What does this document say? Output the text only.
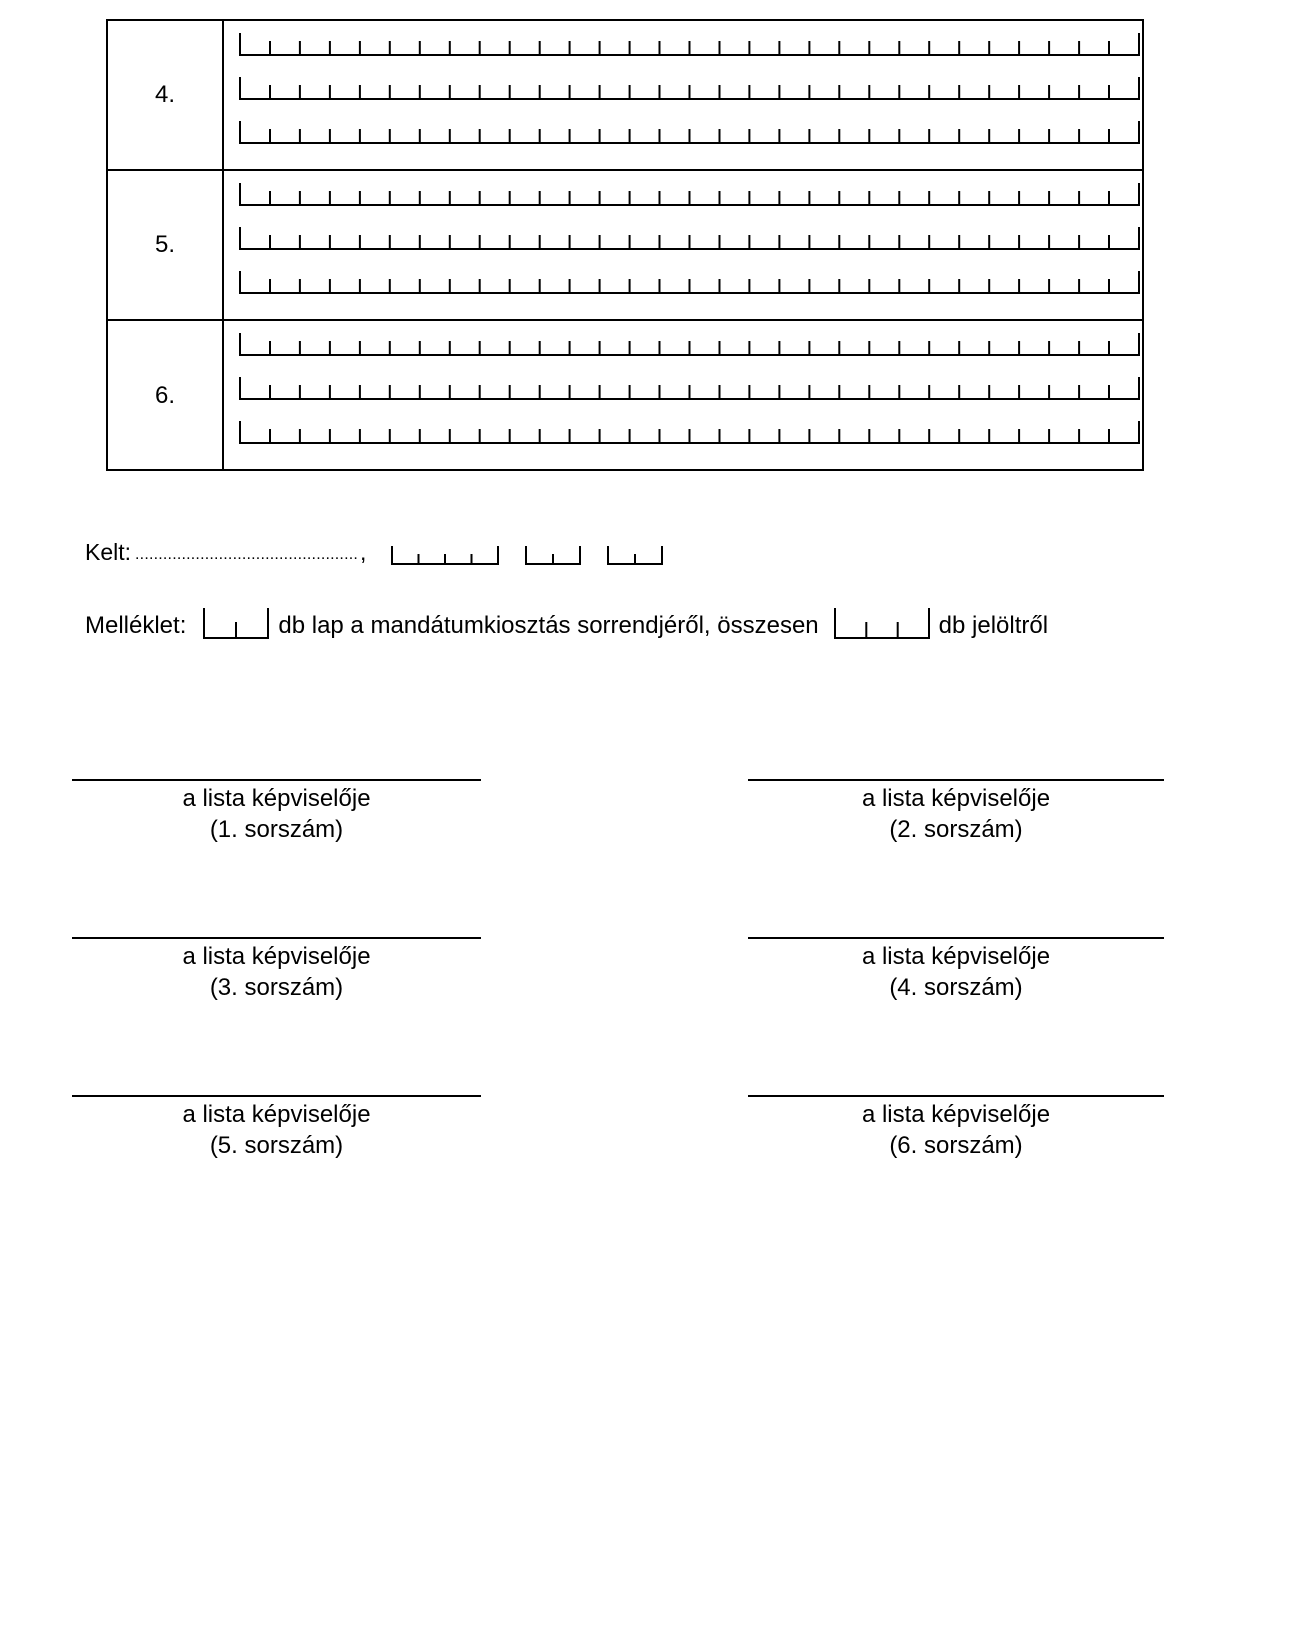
4.
5.
6.
Kelt: ................................................ ,
Melléklet:	db lap a mandátumkiosztás sorrendjéről, összesen	db jelöltről
a lista képviselője
(1. sorszám)
a lista képviselője
(2. sorszám)
a lista képviselője
(3. sorszám)
a lista képviselője
(4. sorszám)
a lista képviselője
(5. sorszám)
a lista képviselője
(6. sorszám)
